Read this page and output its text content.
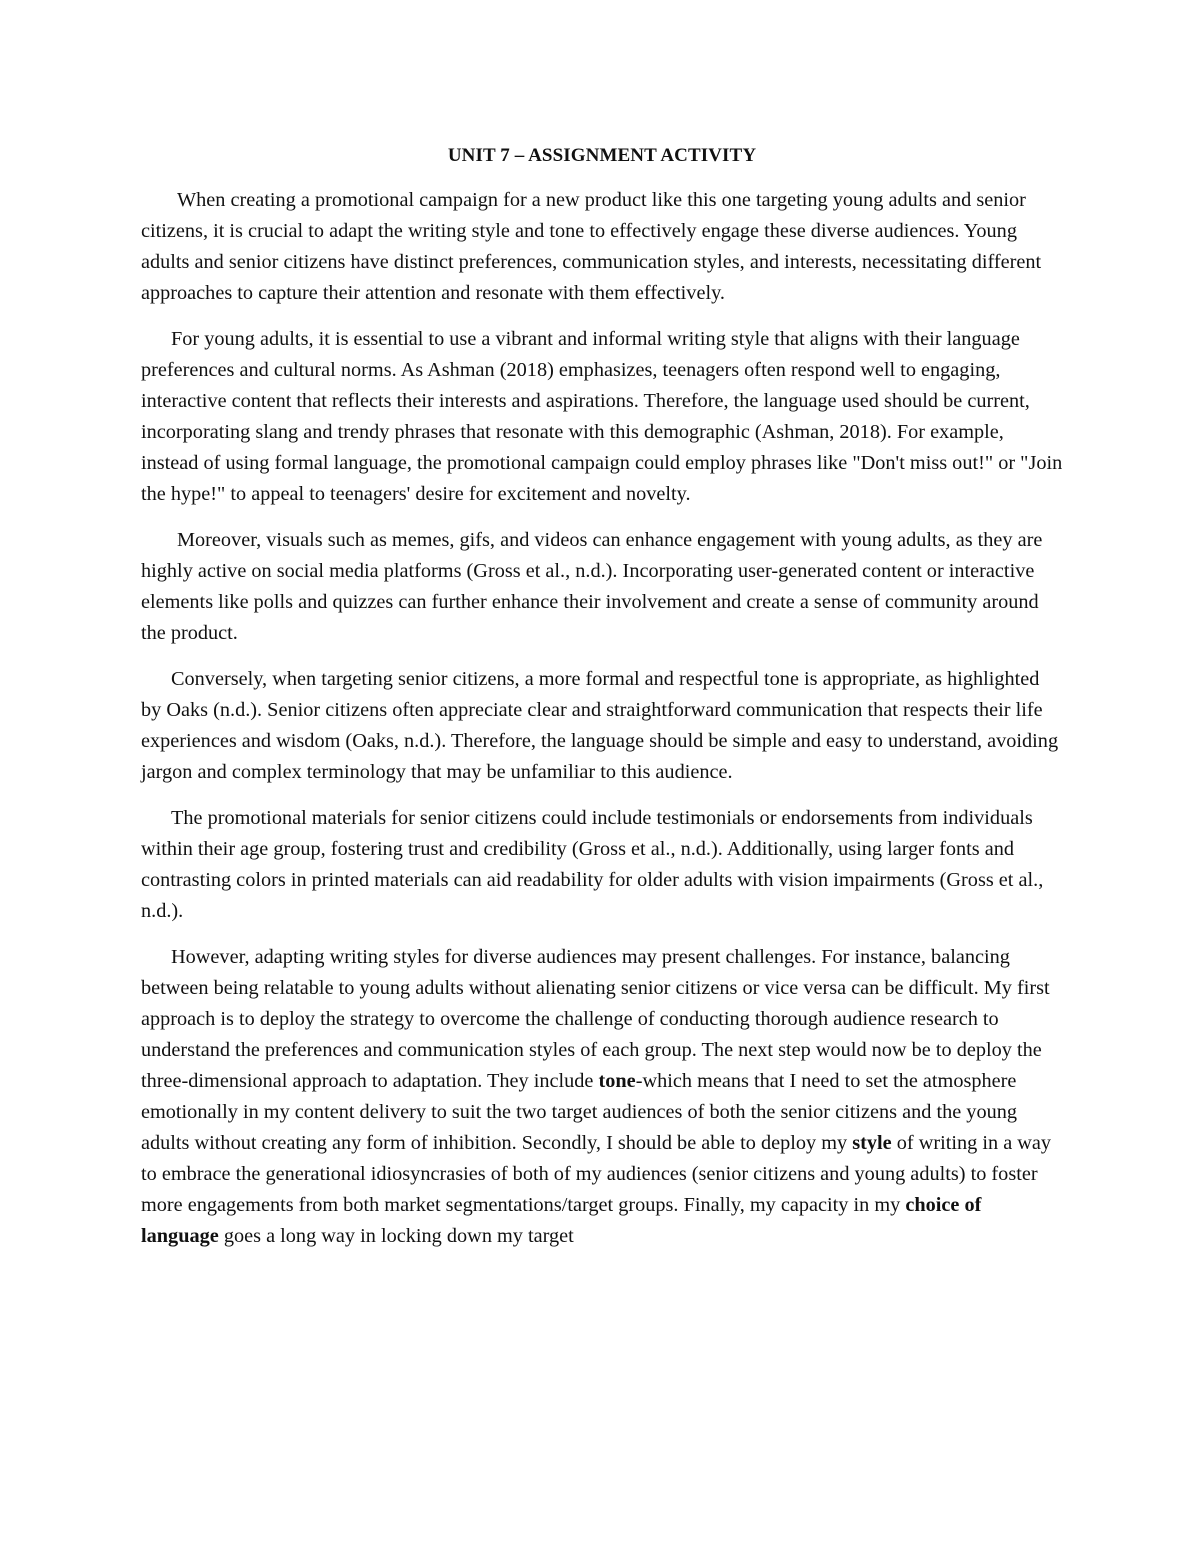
UNIT 7 – ASSIGNMENT ACTIVITY

When creating a promotional campaign for a new product like this one targeting young adults and senior citizens, it is crucial to adapt the writing style and tone to effectively engage these diverse audiences. Young adults and senior citizens have distinct preferences, communication styles, and interests, necessitating different approaches to capture their attention and resonate with them effectively.

For young adults, it is essential to use a vibrant and informal writing style that aligns with their language preferences and cultural norms. As Ashman (2018) emphasizes, teenagers often respond well to engaging, interactive content that reflects their interests and aspirations. Therefore, the language used should be current, incorporating slang and trendy phrases that resonate with this demographic (Ashman, 2018). For example, instead of using formal language, the promotional campaign could employ phrases like "Don't miss out!" or "Join the hype!" to appeal to teenagers' desire for excitement and novelty.

Moreover, visuals such as memes, gifs, and videos can enhance engagement with young adults, as they are highly active on social media platforms (Gross et al., n.d.). Incorporating user-generated content or interactive elements like polls and quizzes can further enhance their involvement and create a sense of community around the product.

Conversely, when targeting senior citizens, a more formal and respectful tone is appropriate, as highlighted by Oaks (n.d.). Senior citizens often appreciate clear and straightforward communication that respects their life experiences and wisdom (Oaks, n.d.). Therefore, the language should be simple and easy to understand, avoiding jargon and complex terminology that may be unfamiliar to this audience.

The promotional materials for senior citizens could include testimonials or endorsements from individuals within their age group, fostering trust and credibility (Gross et al., n.d.). Additionally, using larger fonts and contrasting colors in printed materials can aid readability for older adults with vision impairments (Gross et al., n.d.).

However, adapting writing styles for diverse audiences may present challenges. For instance, balancing between being relatable to young adults without alienating senior citizens or vice versa can be difficult. My first approach is to deploy the strategy to overcome the challenge of conducting thorough audience research to understand the preferences and communication styles of each group. The next step would now be to deploy the three-dimensional approach to adaptation. They include tone-which means that I need to set the atmosphere emotionally in my content delivery to suit the two target audiences of both the senior citizens and the young adults without creating any form of inhibition. Secondly, I should be able to deploy my style of writing in a way to embrace the generational idiosyncrasies of both of my audiences (senior citizens and young adults) to foster more engagements from both market segmentations/target groups. Finally, my capacity in my choice of language goes a long way in locking down my target
